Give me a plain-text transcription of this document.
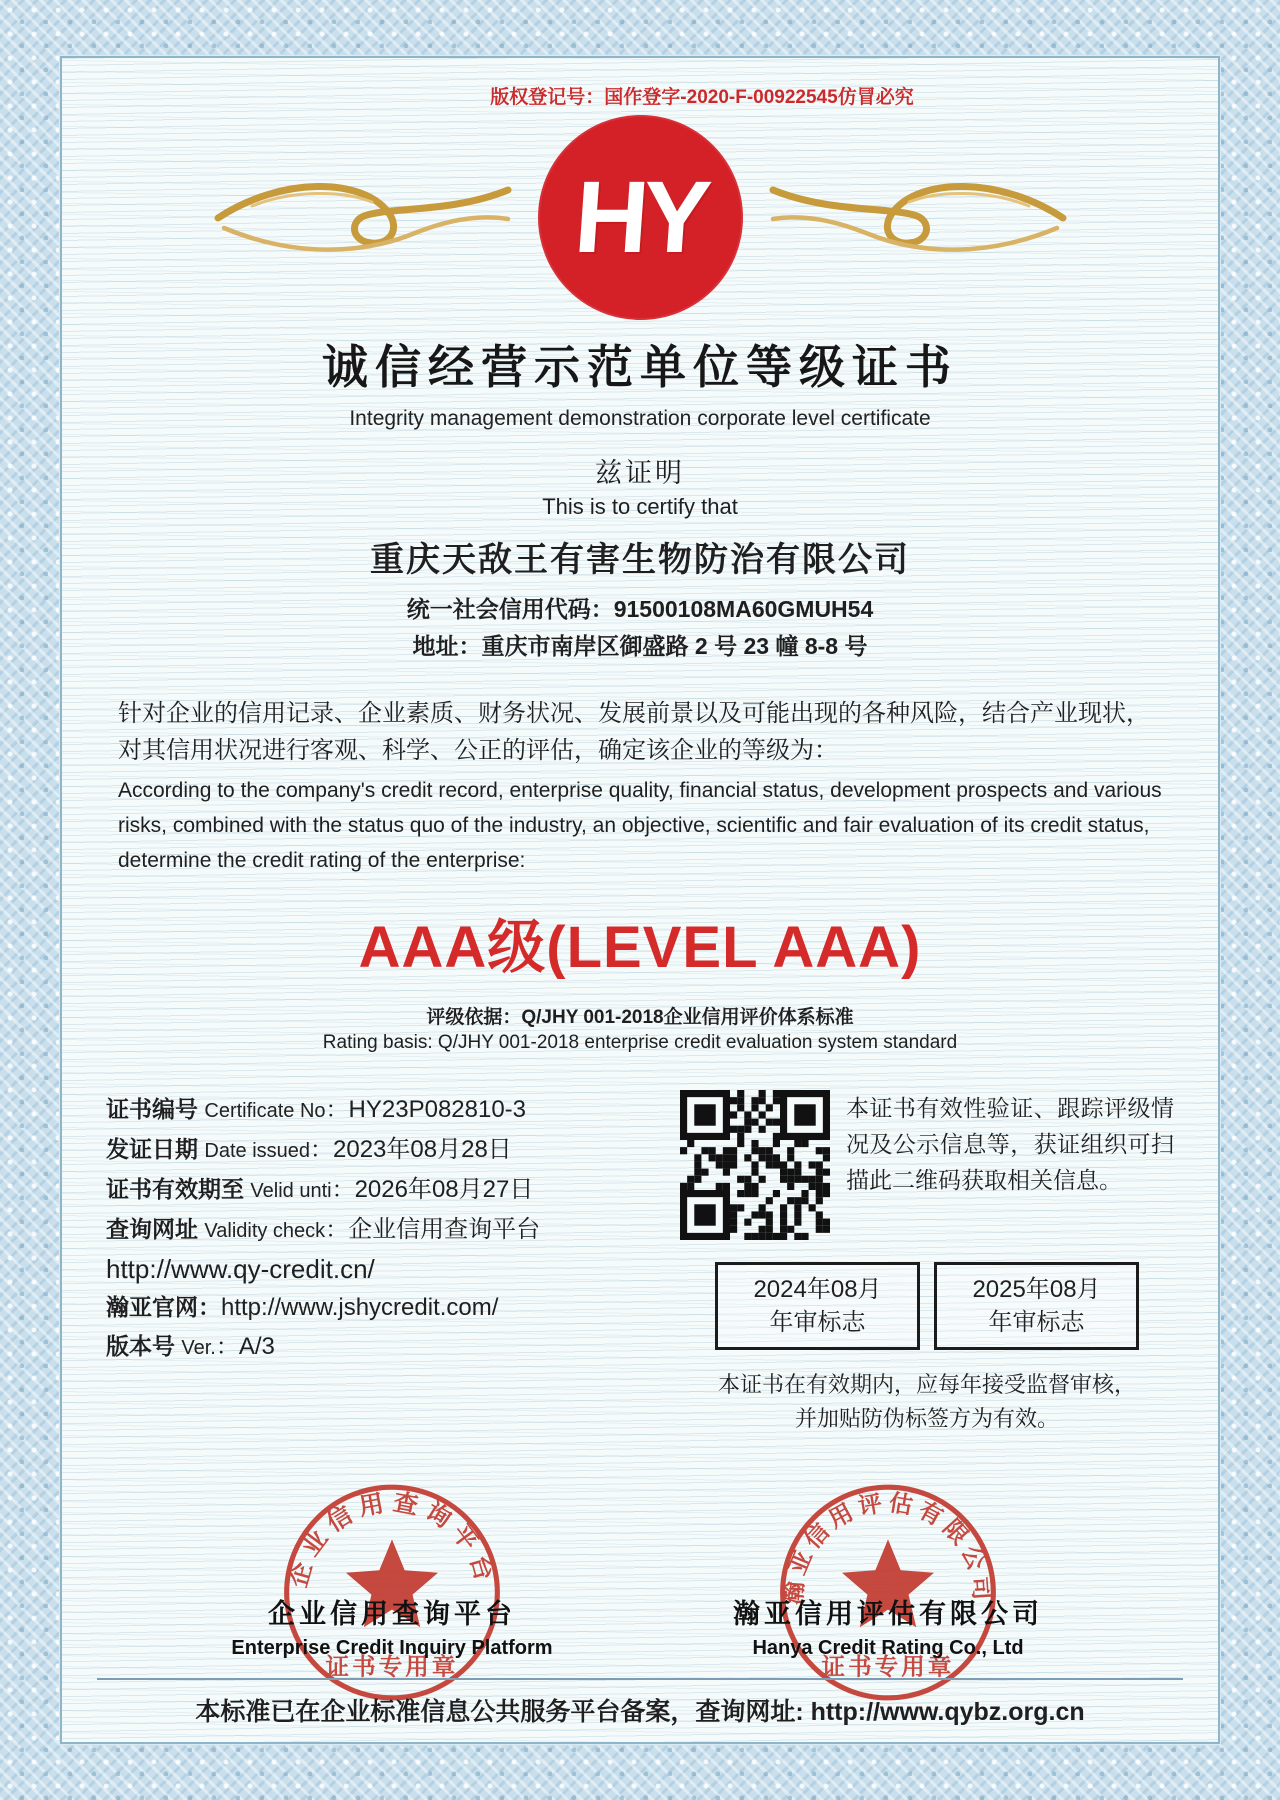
版权登记号：国作登字-2020-F-00922545仿冒必究
HY
诚信经营示范单位等级证书
Integrity management demonstration corporate level certificate
兹证明
This is to certify that
重庆天敌王有害生物防治有限公司
统一社会信用代码：91500108MA60GMUH54
地址：重庆市南岸区御盛路 2 号 23 幢 8-8 号

针对企业的信用记录、企业素质、财务状况、发展前景以及可能出现的各种风险，结合产业现状，对其信用状况进行客观、科学、公正的评估，确定该企业的等级为：

According to the company's credit record, enterprise quality, financial status, development prospects and various risks, combined with the status quo of the industry, an objective, scientific and fair evaluation of its credit status, determine the credit rating of the enterprise:

AAA级(LEVEL AAA)
评级依据：Q/JHY 001-2018企业信用评价体系标准
Rating basis: Q/JHY 001-2018 enterprise credit evaluation system standard
证书编号 Certificate No：HY23P082810-3
发证日期 Date issued：2023年08月28日
证书有效期至 Velid unti：2026年08月27日
查询网址 Validity check：企业信用查询平台
http://www.qy-credit.cn/
瀚亚官网：http://www.jshycredit.com/
版本号 Ver.：A/3
本证书有效性验证、跟踪评级情况及公示信息等，获证组织可扫描此二维码获取相关信息。
2024年08月
年审标志
2025年08月
年审标志
本证书在有效期内，应每年接受监督审核，
并加贴防伪标签方为有效。
企业信用查询平台
证书专用章
企业信用查询平台
Enterprise Credit Inquiry Platform
瀚亚信用评估有限公司
证书专用章
瀚亚信用评估有限公司
Hanya Credit Rating Co., Ltd
本标准已在企业标准信息公共服务平台备案，查询网址: http://www.qybz.org.cn
